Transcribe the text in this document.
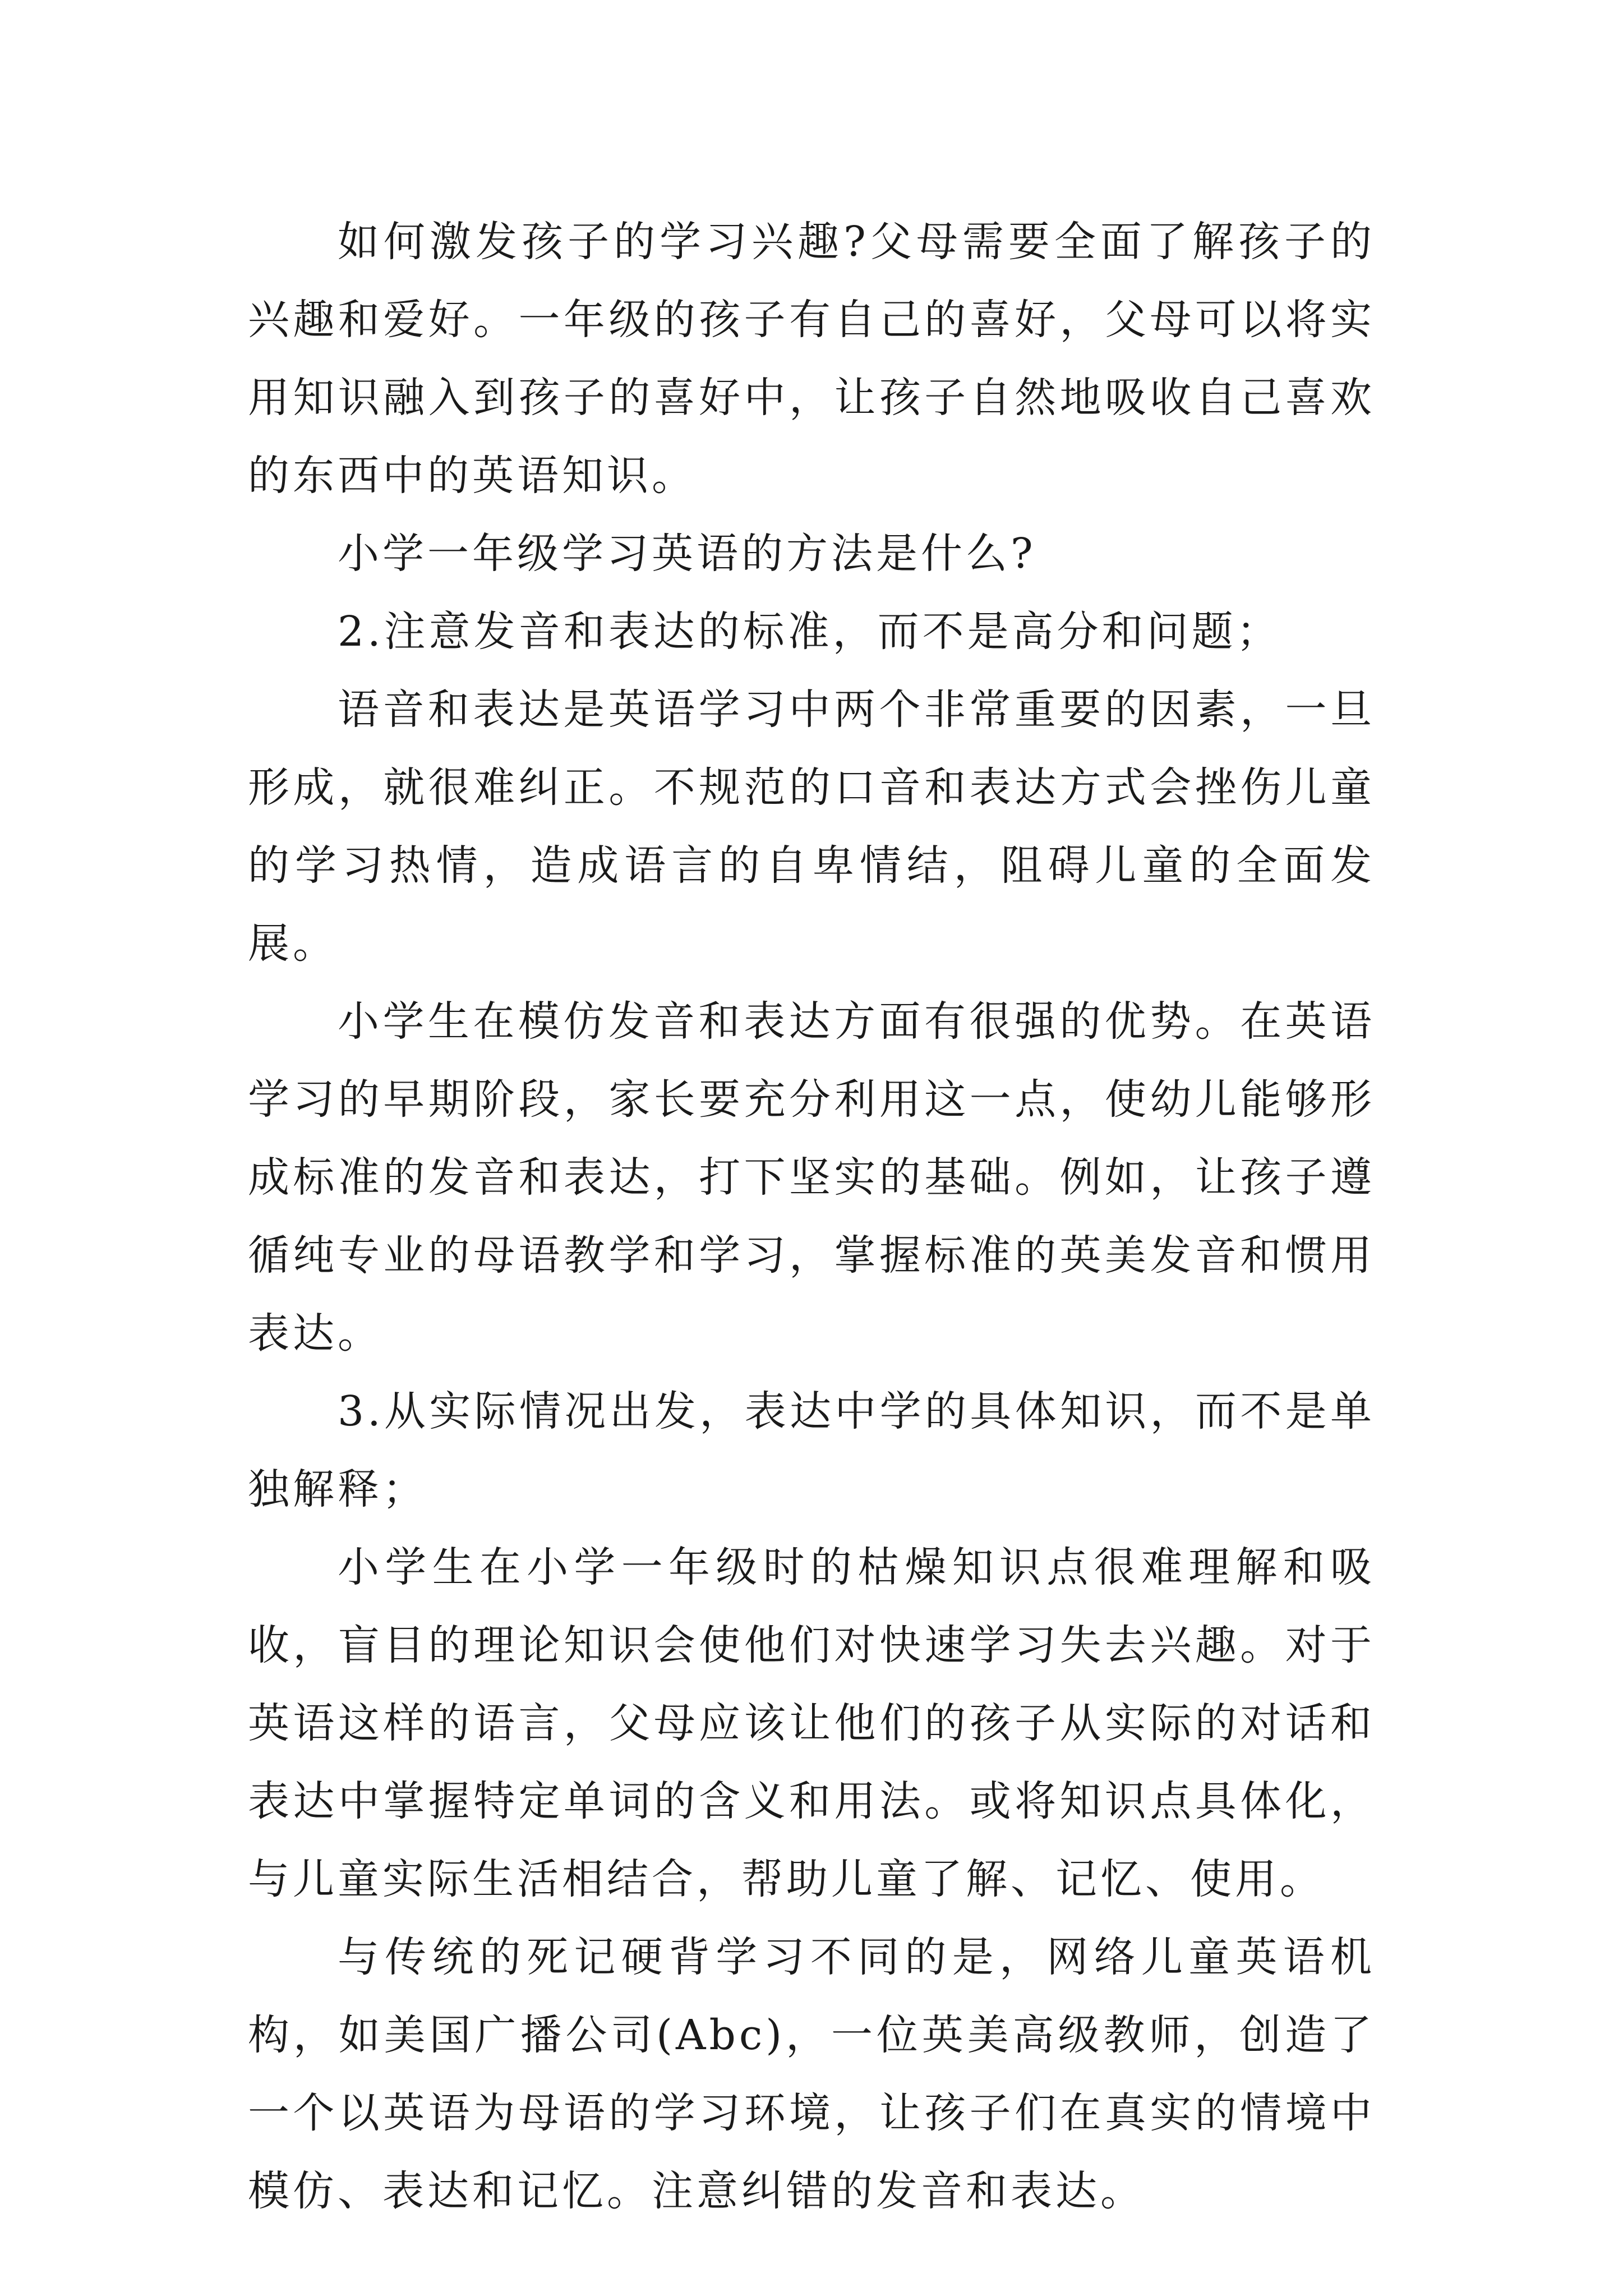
如何激发孩子的学习兴趣?父母需要全面了解孩子的兴趣和爱好。一年级的孩子有自己的喜好，父母可以将实用知识融入到孩子的喜好中，让孩子自然地吸收自己喜欢的东西中的英语知识。

小学一年级学习英语的方法是什么?

2.注意发音和表达的标准，而不是高分和问题；

语音和表达是英语学习中两个非常重要的因素，一旦形成，就很难纠正。不规范的口音和表达方式会挫伤儿童的学习热情，造成语言的自卑情结，阻碍儿童的全面发展。

小学生在模仿发音和表达方面有很强的优势。在英语学习的早期阶段，家长要充分利用这一点，使幼儿能够形成标准的发音和表达，打下坚实的基础。例如，让孩子遵循纯专业的母语教学和学习，掌握标准的英美发音和惯用表达。

3.从实际情况出发，表达中学的具体知识，而不是单独解释；

小学生在小学一年级时的枯燥知识点很难理解和吸收，盲目的理论知识会使他们对快速学习失去兴趣。对于英语这样的语言，父母应该让他们的孩子从实际的对话和表达中掌握特定单词的含义和用法。或将知识点具体化，与儿童实际生活相结合，帮助儿童了解、记忆、使用。

与传统的死记硬背学习不同的是，网络儿童英语机构，如美国广播公司(Abc)，一位英美高级教师，创造了一个以英语为母语的学习环境，让孩子们在真实的情境中模仿、表达和记忆。注意纠错的发音和表达。
